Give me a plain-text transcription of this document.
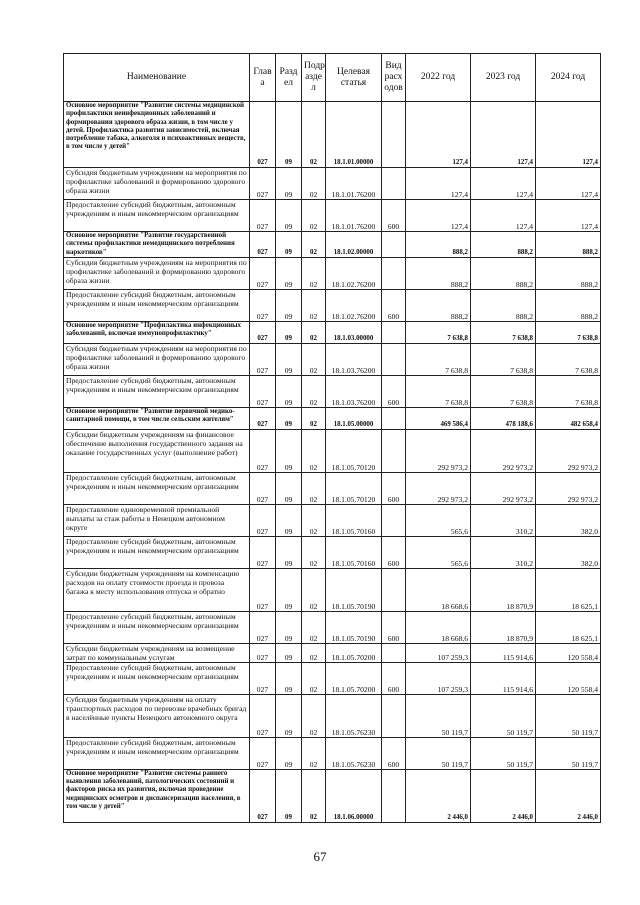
Наименование	Глав а	Разд ел	Подр азде л	Целевая статья	Вид расх одов	2022 год	2023 год	2024 год
Основное мероприятие "Развитие системы медицинской профилактики неинфекционных заболеваний и формирования здорового образа жизни, в том числе у детей. Профилактика развития зависимостей, включая потребление табака, алкоголя и психоактивных веществ, в том числе у детей"	027	09	02	18.1.01.00000		127,4	127,4	127,4
Субсидия бюджетным учреждениям на мероприятия по профилактике заболеваний и формированию здорового образа жизни	027	09	02	18.1.01.76200		127,4	127,4	127,4
Предоставление субсидий бюджетным, автономным учреждениям и иным некоммерческим организациям	027	09	02	18.1.01.76200	600	127,4	127,4	127,4
Основное мероприятие "Развитие государственной системы профилактики немедицинского потребления наркотиков"	027	09	02	18.1.02.00000		888,2	888,2	888,2
Субсидия бюджетным учреждениям на мероприятия по профилактике заболеваний и формированию здорового образа жизни	027	09	02	18.1.02.76200		888,2	888,2	888,2
Предоставление субсидий бюджетным, автономным учреждениям и иным некоммерческим организациям	027	09	02	18.1.02.76200	600	888,2	888,2	888,2
Основное мероприятие "Профилактика инфекционных заболеваний, включая иммунопрофилактику"	027	09	02	18.1.03.00000		7 638,8	7 638,8	7 638,8
Субсидия бюджетным учреждениям на мероприятия по профилактике заболеваний и формированию здорового образа жизни	027	09	02	18.1.03.76200		7 638,8	7 638,8	7 638,8
Предоставление субсидий бюджетным, автономным учреждениям и иным некоммерческим организациям	027	09	02	18.1.03.76200	600	7 638,8	7 638,8	7 638,8
Основное мероприятие "Развитие первичной медико-санитарной помощи, в том числе сельским жителям"	027	09	02	18.1.05.00000		469 586,4	478 188,6	482 658,4
Субсидии бюджетным учреждениям на финансовое обеспечение выполнения государственного задания на оказание государственных услуг (выполнение работ)	027	09	02	18.1.05.70120		292 973,2	292 973,2	292 973,2
Предоставление субсидий бюджетным, автономным учреждениям и иным некоммерческим организациям	027	09	02	18.1.05.70120	600	292 973,2	292 973,2	292 973,2
Предоставление единовременной премиальной выплаты за стаж работы в Ненецком автономном округе	027	09	02	18.1.05.70160		565,6	310,2	382,0
Предоставление субсидий бюджетным, автономным учреждениям и иным некоммерческим организациям	027	09	02	18.1.05.70160	600	565,6	310,2	382,0
Субсидии бюджетным учреждениям на компенсацию расходов на оплату стоимости проезда и провоза багажа к месту использования отпуска и обратно	027	09	02	18.1.05.70190		18 668,6	18 870,9	18 625,1
Предоставление субсидий бюджетным, автономным учреждениям и иным некоммерческим организациям	027	09	02	18.1.05.70190	600	18 668,6	18 870,9	18 625,1
Субсидии бюджетным учреждениям на возмещение затрат по коммунальным услугам	027	09	02	18.1.05.70200		107 259,3	115 914,6	120 558,4
Предоставление субсидий бюджетным, автономным учреждениям и иным некоммерческим организациям	027	09	02	18.1.05.70200	600	107 259,3	115 914,6	120 558,4
Субсидия бюджетным учреждениям на оплату транспортных расходов по перевозке врачебных бригад в населённые пункты Ненецкого автономного округа	027	09	02	18.1.05.76230		50 119,7	50 119,7	50 119,7
Предоставление субсидий бюджетным, автономным учреждениям и иным некоммерческим организациям	027	09	02	18.1.05.76230	600	50 119,7	50 119,7	50 119,7
Основное мероприятие "Развитие системы раннего выявления заболеваний, патологических состояний и факторов риска их развития, включая проведение медицинских осмотров и диспансеризации населения, в том числе у детей"	027	09	02	18.1.06.00000		2 446,0	2 446,0	2 446,0
67
